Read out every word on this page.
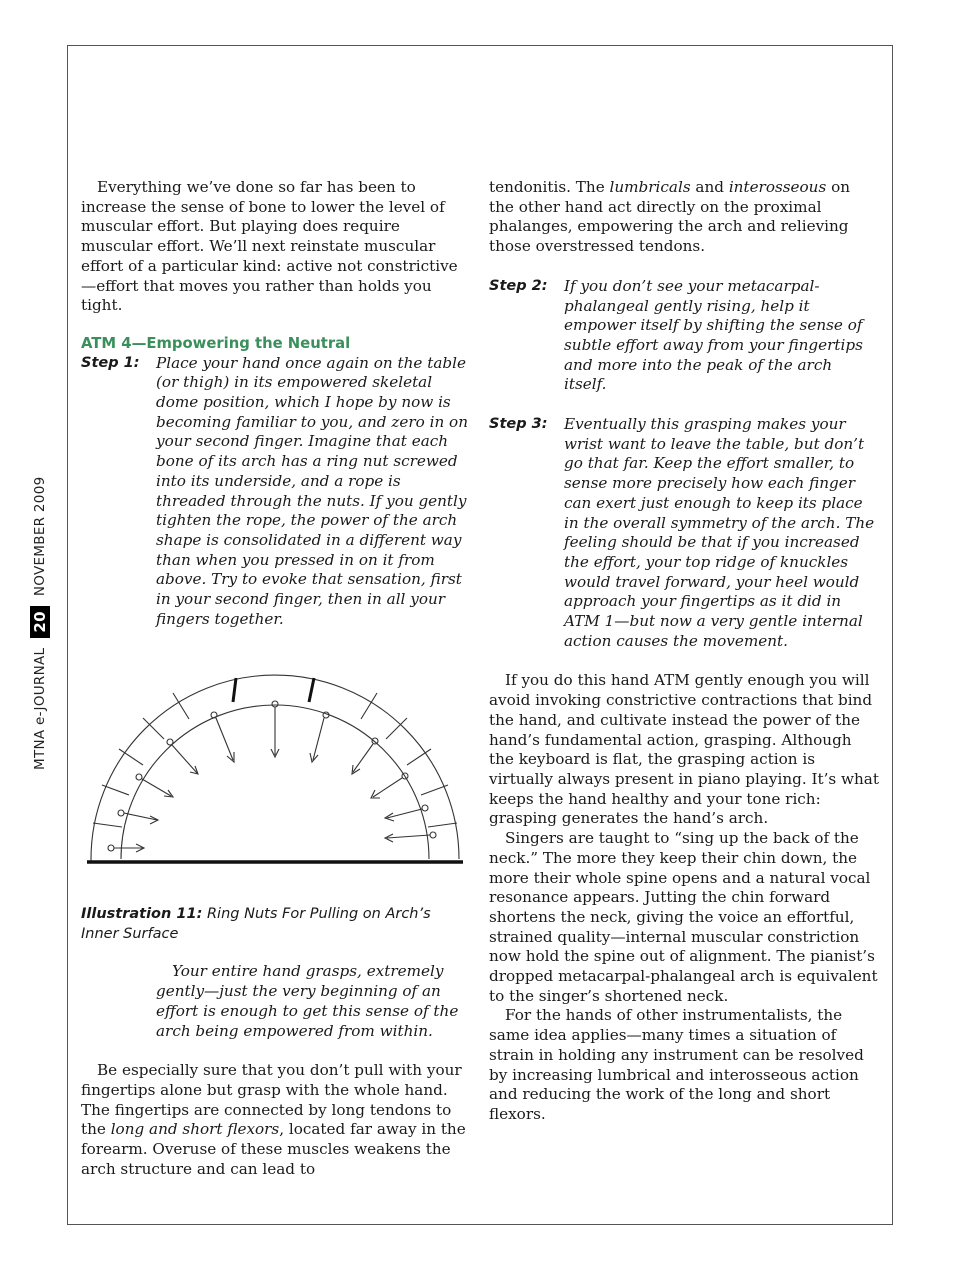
MTNA e-JOURNAL
20
NOVEMBER 2009

Everything we’ve done so far has been to increase the sense of bone to lower the level of muscular effort. But playing does require muscular effort. We’ll next reinstate muscular effort of a particular kind: active not constrictive—effort that moves you rather than holds you tight.

ATM 4—Empowering the Neutral

Step 1:	Place your hand once again on the table (or thigh) in its empowered skeletal dome position, which I hope by now is becoming familiar to you, and zero in on your second finger. Imagine that each bone of its arch has a ring nut screwed into its underside, and a rope is threaded through the nuts. If you gently tighten the rope, the power of the arch shape is consolidated in a different way than when you pressed in on it from above. Try to evoke that sensation, first in your second finger, then in all your fingers together.

Illustration 11: Ring Nuts For Pulling on Arch’s Inner Surface

Your entire hand grasps, extremely gently—just the very beginning of an effort is enough to get this sense of the arch being empowered from within.

Be especially sure that you don’t pull with your fingertips alone but grasp with the whole hand. The fingertips are connected by long tendons to the long and short flexors, located far away in the forearm. Overuse of these muscles weakens the arch structure and can lead to

tendonitis. The lumbricals and interosseous on the other hand act directly on the proximal phalanges, empowering the arch and relieving those overstressed tendons.

Step 2:	If you don’t see your metacarpal-phalangeal gently rising, help it empower itself by shifting the sense of subtle effort away from your fingertips and more into the peak of the arch itself.
Step 3:	Eventually this grasping makes your wrist want to leave the table, but don’t go that far. Keep the effort smaller, to sense more precisely how each finger can exert just enough to keep its place in the overall symmetry of the arch. The feeling should be that if you increased the effort, your top ridge of knuckles would travel forward, your heel would approach your fingertips as it did in ATM 1—but now a very gentle internal action causes the movement.

If you do this hand ATM gently enough you will avoid invoking constrictive contractions that bind the hand, and cultivate instead the power of the hand’s fundamental action, grasping. Although the keyboard is flat, the grasping action is virtually always present in piano playing. It’s what keeps the hand healthy and your tone rich: grasping generates the hand’s arch.

Singers are taught to “sing up the back of the neck.” The more they keep their chin down, the more their whole spine opens and a natural vocal resonance appears. Jutting the chin forward shortens the neck, giving the voice an effortful, strained quality—internal muscular constriction now hold the spine out of alignment. The pianist’s dropped metacarpal-phalangeal arch is equivalent to the singer’s shortened neck.

For the hands of other instrumentalists, the same idea applies—many times a situation of strain in holding any instrument can be resolved by increasing lumbrical and interosseous action and reducing the work of the long and short flexors.
